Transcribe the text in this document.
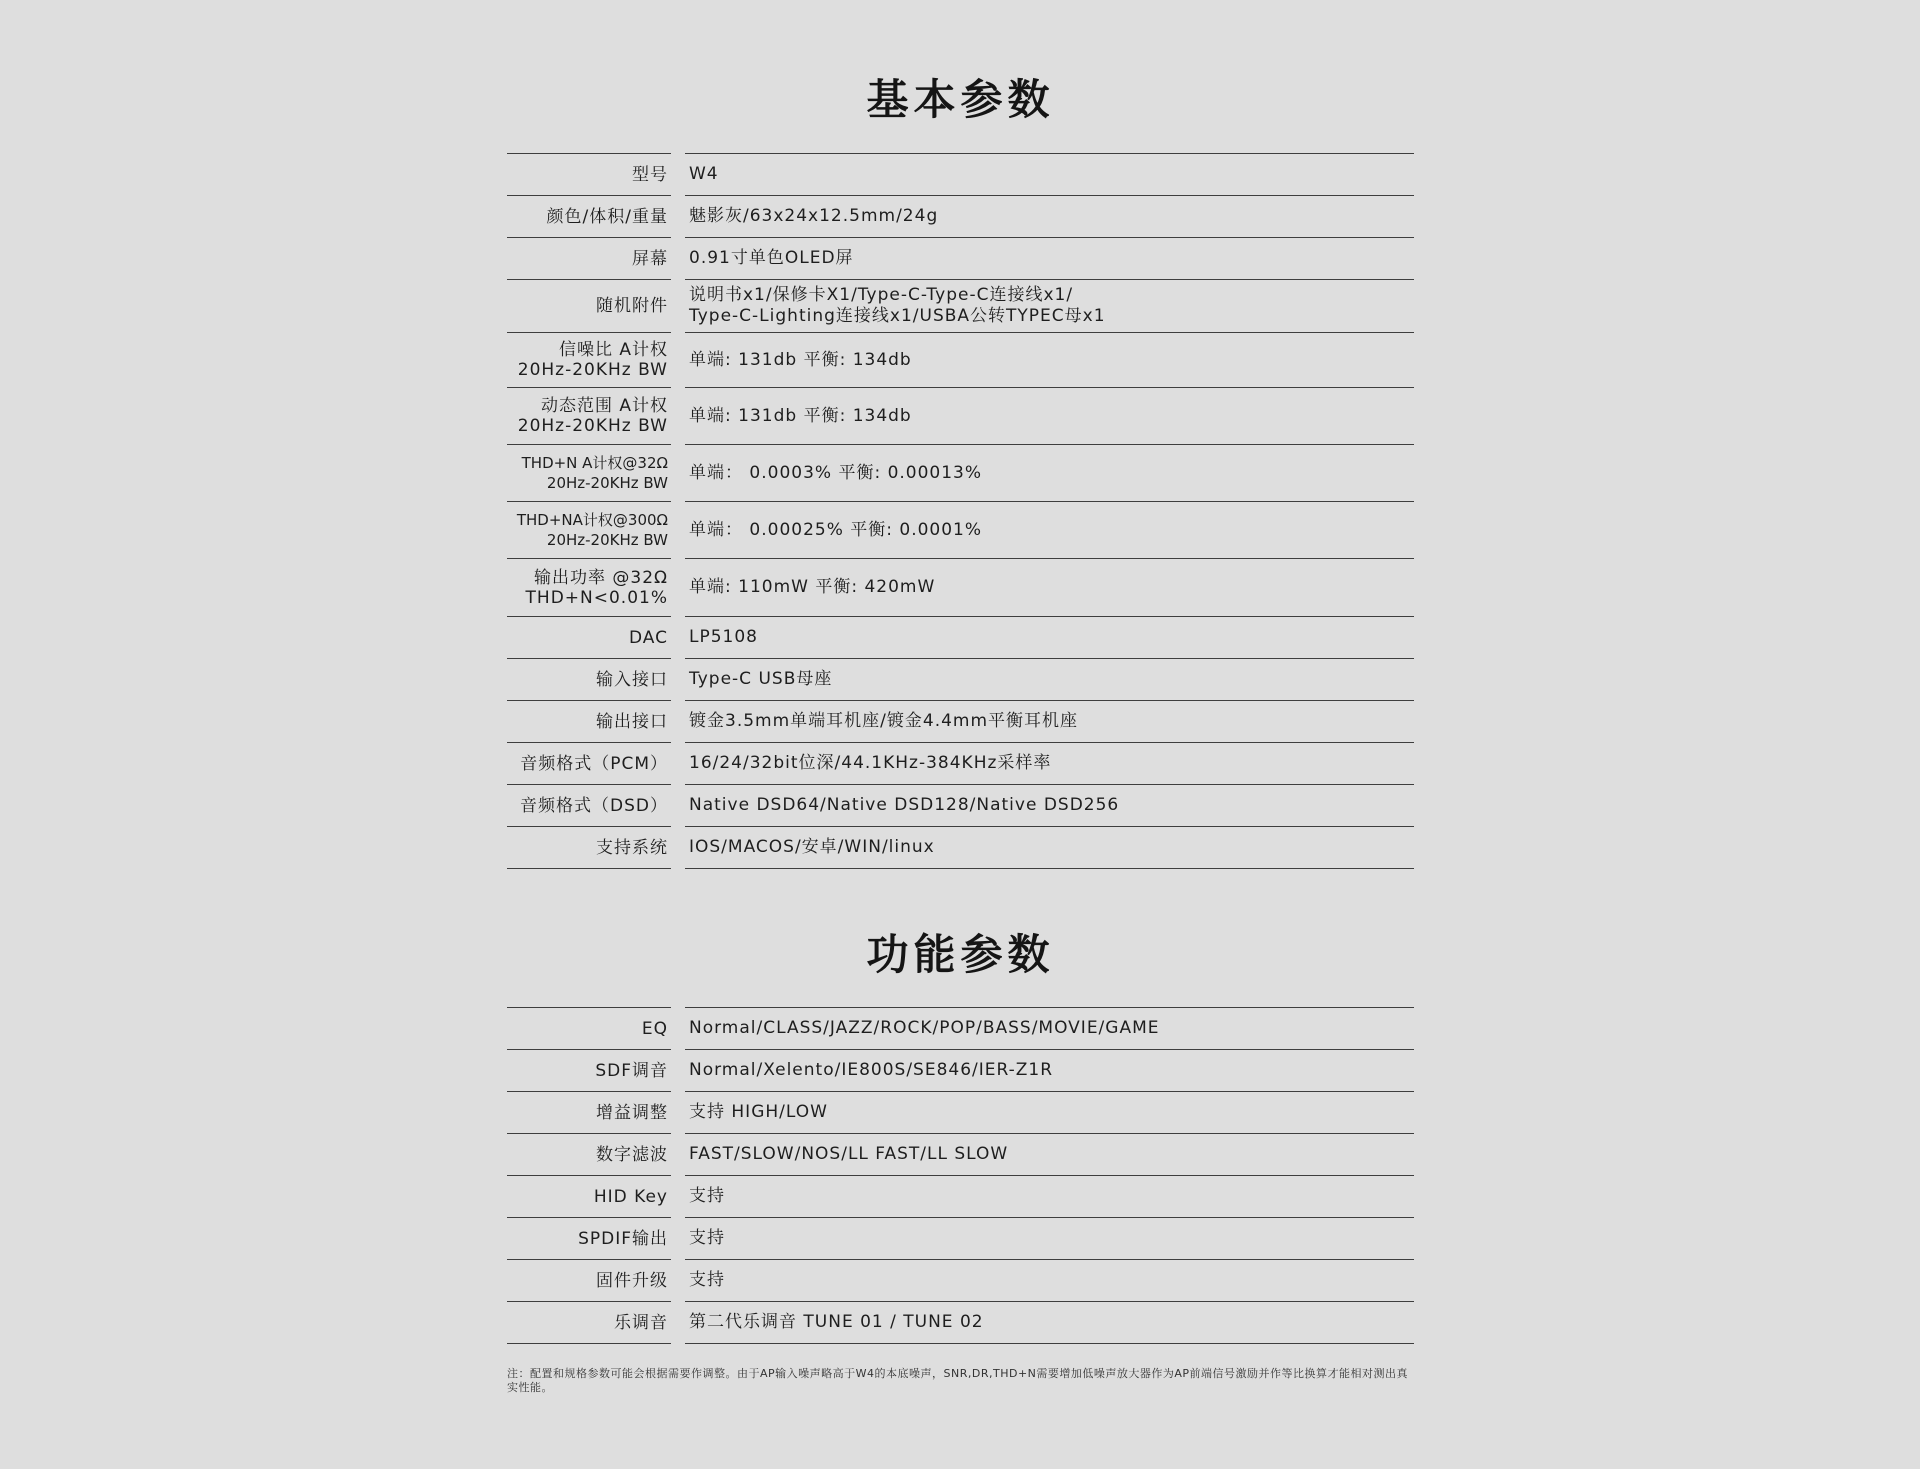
基本参数
型号 W4
颜色/体积/重量 魅影灰/63x24x12.5mm/24g
屏幕 0.91寸单色OLED屏
随机附件
说明书x1/保修卡X1/Type-C-Type-C连接线x1/
Type-C-Lighting连接线x1/USBA公转TYPEC母x1
信噪比 A计权
20Hz-20KHz BW
单端: 131db 平衡: 134db
动态范围 A计权
20Hz-20KHz BW
单端: 131db 平衡: 134db
THD+N A计权@32Ω
20Hz-20KHz BW
单端： 0.0003% 平衡: 0.00013%
THD+NA计权@300Ω
20Hz-20KHz BW
单端： 0.00025% 平衡: 0.0001%
输出功率 @32Ω
THD+N<0.01%
单端: 110mW 平衡: 420mW
DAC LP5108
输入接口 Type-C USB母座
输出接口 镀金3.5mm单端耳机座/镀金4.4mm平衡耳机座
音频格式（PCM） 16/24/32bit位深/44.1KHz-384KHz采样率
音频格式（DSD） Native DSD64/Native DSD128/Native DSD256
支持系统 IOS/MACOS/安卓/WIN/linux
功能参数
EQ Normal/CLASS/JAZZ/ROCK/POP/BASS/MOVIE/GAME
SDF调音 Normal/Xelento/IE800S/SE846/IER-Z1R
增益调整 支持 HIGH/LOW
数字滤波 FAST/SLOW/NOS/LL FAST/LL SLOW
HID Key 支持
SPDIF输出 支持
固件升级 支持
乐调音 第二代乐调音 TUNE 01 / TUNE 02
注：配置和规格参数可能会根据需要作调整。由于AP输入噪声略高于W4的本底噪声，SNR,DR,THD+N需要增加低噪声放大器作为AP前端信号激励并作等比换算才能相对测出真实性能。
